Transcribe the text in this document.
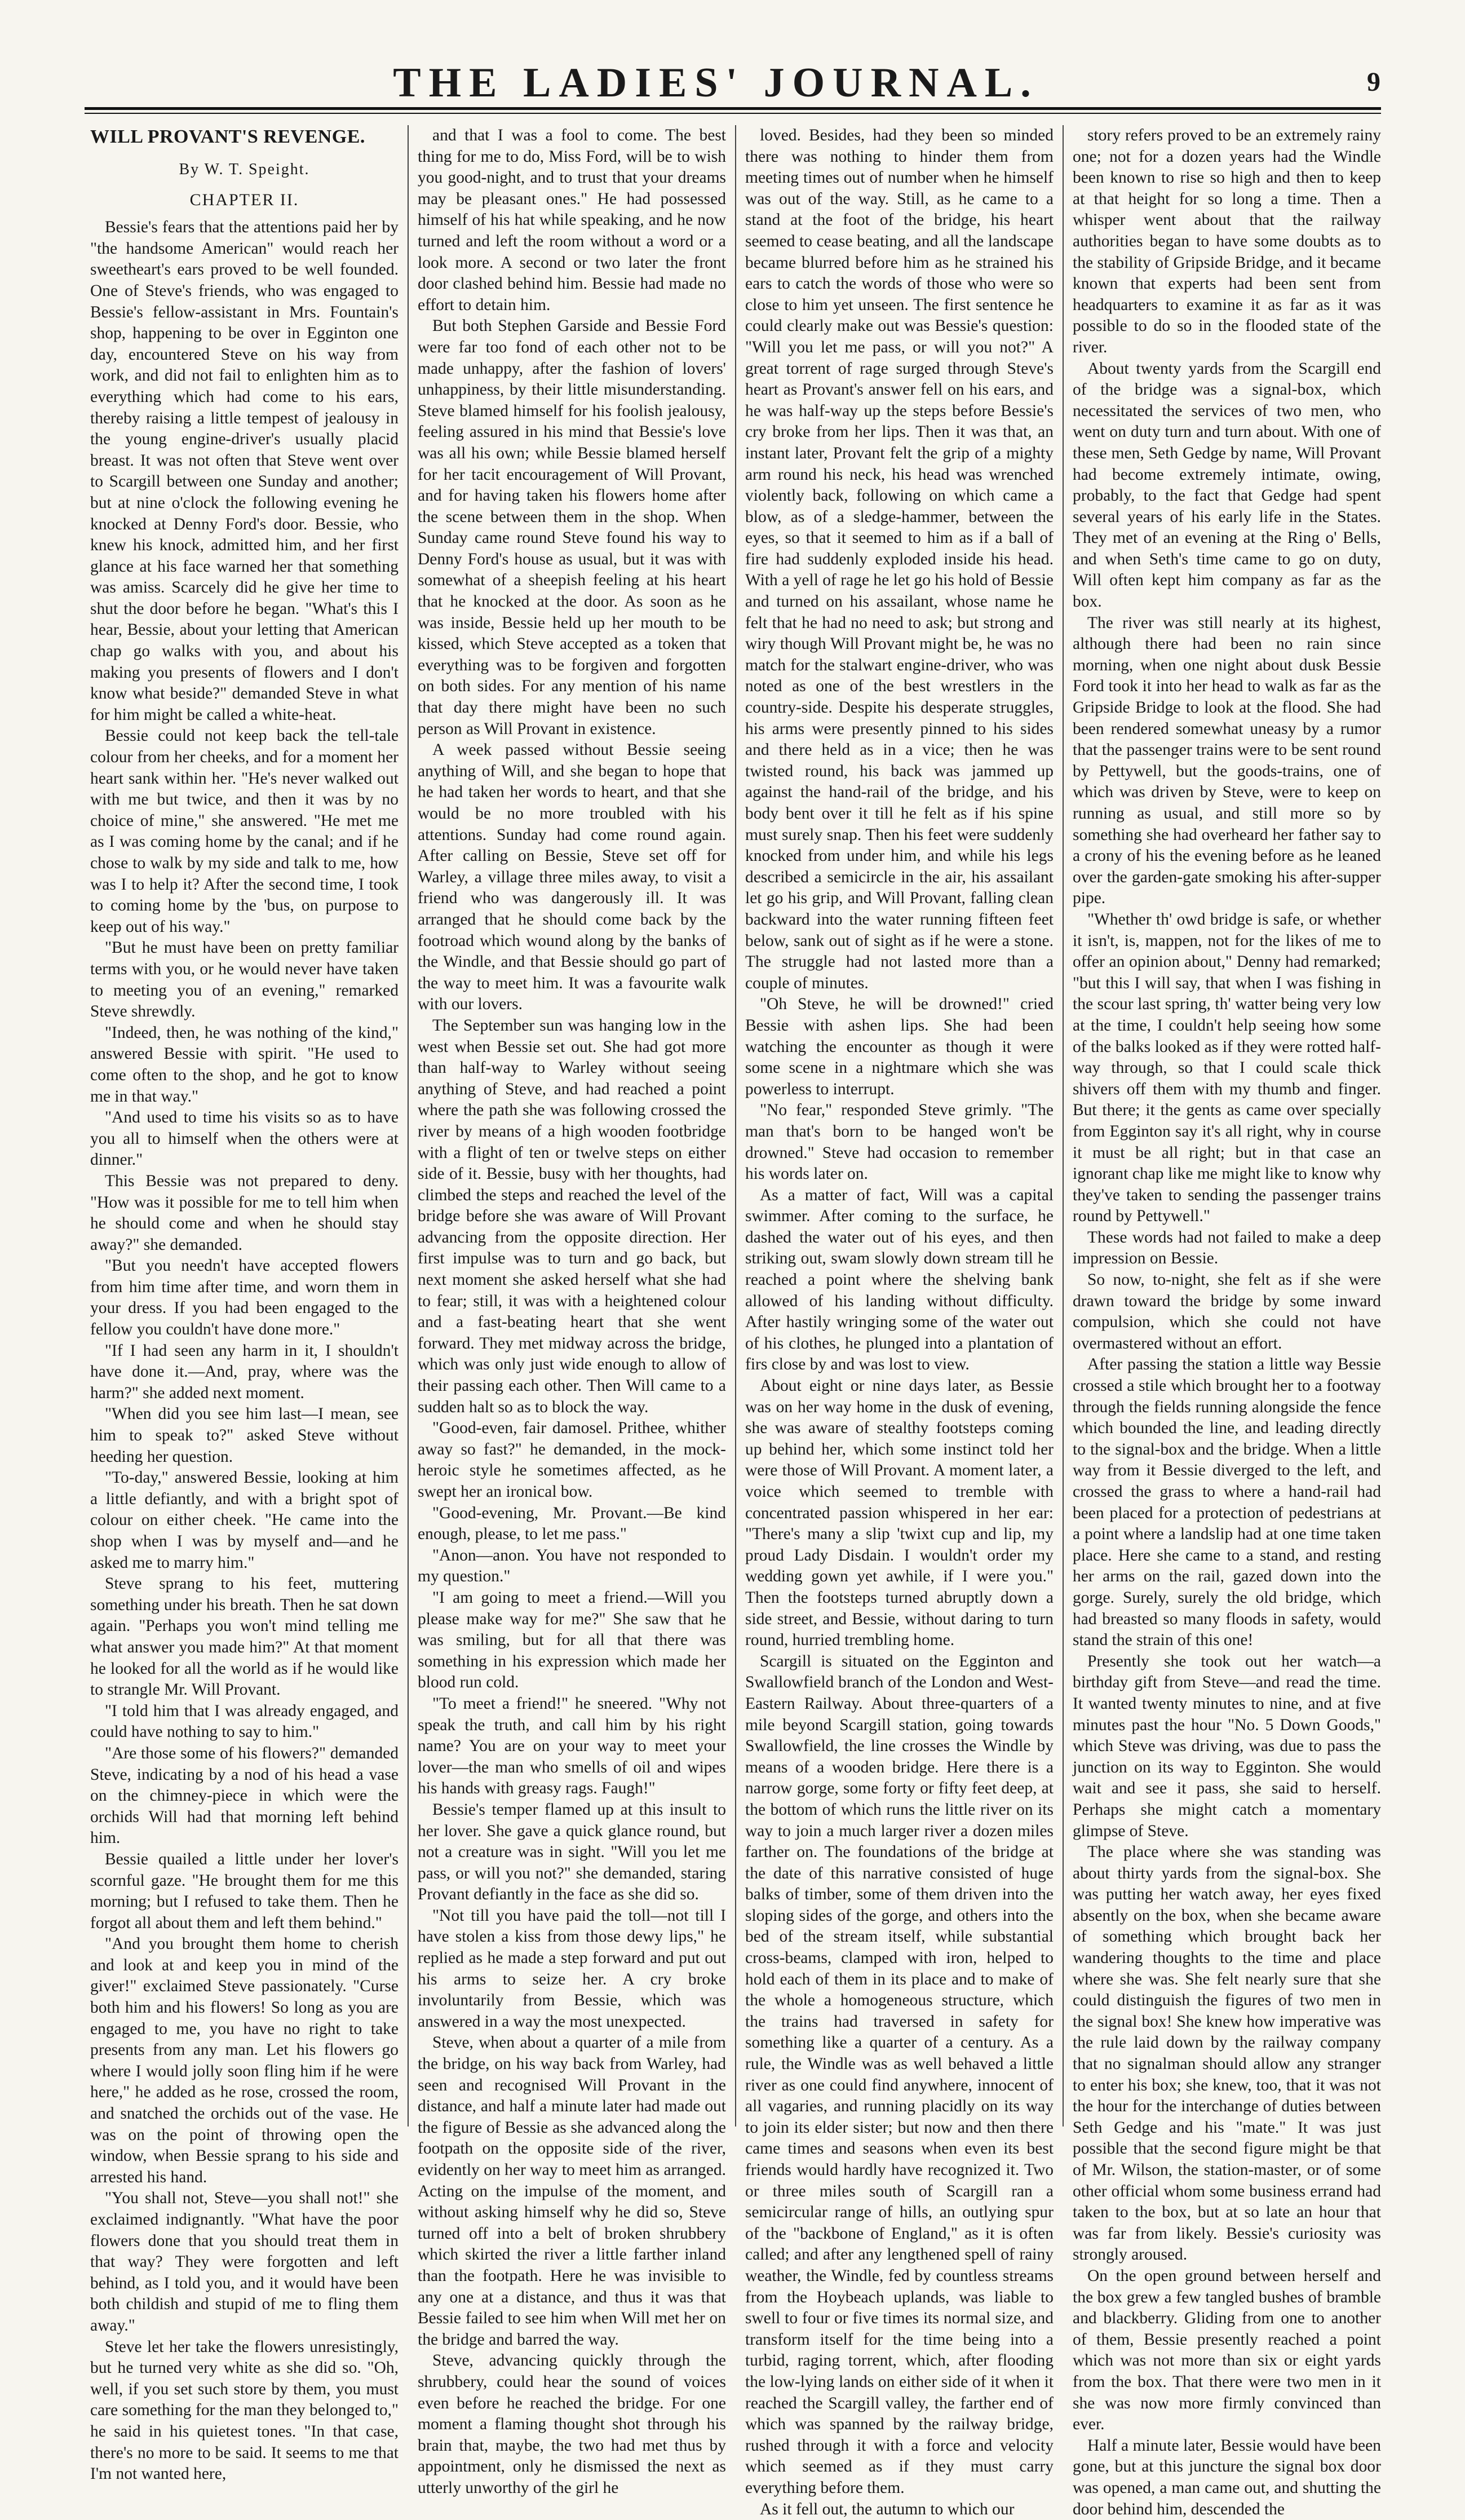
THE LADIES' JOURNAL.	9
WILL PROVANT'S REVENGE.
By W. T. Speight.
CHAPTER II.

Bessie's fears that the attentions paid her by "the handsome American" would reach her sweetheart's ears proved to be well founded. One of Steve's friends, who was engaged to Bessie's fellow-assistant in Mrs. Fountain's shop, happening to be over in Egginton one day, encountered Steve on his way from work, and did not fail to enlighten him as to everything which had come to his ears, thereby raising a little tempest of jealousy in the young engine-driver's usually placid breast. It was not often that Steve went over to Scargill between one Sunday and another; but at nine o'clock the following evening he knocked at Denny Ford's door. Bessie, who knew his knock, admitted him, and her first glance at his face warned her that something was amiss. Scarcely did he give her time to shut the door before he began. "What's this I hear, Bessie, about your letting that American chap go walks with you, and about his making you presents of flowers and I don't know what beside?" demanded Steve in what for him might be called a white-heat.

Bessie could not keep back the tell-tale colour from her cheeks, and for a moment her heart sank within her. "He's never walked out with me but twice, and then it was by no choice of mine," she answered. "He met me as I was coming home by the canal; and if he chose to walk by my side and talk to me, how was I to help it? After the second time, I took to coming home by the 'bus, on purpose to keep out of his way."

"But he must have been on pretty familiar terms with you, or he would never have taken to meeting you of an evening," remarked Steve shrewdly.

"Indeed, then, he was nothing of the kind," answered Bessie with spirit. "He used to come often to the shop, and he got to know me in that way."

"And used to time his visits so as to have you all to himself when the others were at dinner."

This Bessie was not prepared to deny. "How was it possible for me to tell him when he should come and when he should stay away?" she demanded.

"But you needn't have accepted flowers from him time after time, and worn them in your dress. If you had been engaged to the fellow you couldn't have done more."

"If I had seen any harm in it, I shouldn't have done it.—And, pray, where was the harm?" she added next moment.

"When did you see him last—I mean, see him to speak to?" asked Steve without heeding her question.

"To-day," answered Bessie, looking at him a little defiantly, and with a bright spot of colour on either cheek. "He came into the shop when I was by myself and—and he asked me to marry him."

Steve sprang to his feet, muttering something under his breath. Then he sat down again. "Perhaps you won't mind telling me what answer you made him?" At that moment he looked for all the world as if he would like to strangle Mr. Will Provant.

"I told him that I was already engaged, and could have nothing to say to him."

"Are those some of his flowers?" demanded Steve, indicating by a nod of his head a vase on the chimney-piece in which were the orchids Will had that morning left behind him.

Bessie quailed a little under her lover's scornful gaze. "He brought them for me this morning; but I refused to take them. Then he forgot all about them and left them behind."

"And you brought them home to cherish and look at and keep you in mind of the giver!" exclaimed Steve passionately. "Curse both him and his flowers! So long as you are engaged to me, you have no right to take presents from any man. Let his flowers go where I would jolly soon fling him if he were here," he added as he rose, crossed the room, and snatched the orchids out of the vase. He was on the point of throwing open the window, when Bessie sprang to his side and arrested his hand.

"You shall not, Steve—you shall not!" she exclaimed indignantly. "What have the poor flowers done that you should treat them in that way? They were forgotten and left behind, as I told you, and it would have been both childish and stupid of me to fling them away."

Steve let her take the flowers unresistingly, but he turned very white as she did so. "Oh, well, if you set such store by them, you must care something for the man they belonged to," he said in his quietest tones. "In that case, there's no more to be said. It seems to me that I'm not wanted here,

and that I was a fool to come. The best thing for me to do, Miss Ford, will be to wish you good-night, and to trust that your dreams may be pleasant ones." He had possessed himself of his hat while speaking, and he now turned and left the room without a word or a look more. A second or two later the front door clashed behind him. Bessie had made no effort to detain him.

But both Stephen Garside and Bessie Ford were far too fond of each other not to be made unhappy, after the fashion of lovers' unhappiness, by their little misunderstanding. Steve blamed himself for his foolish jealousy, feeling assured in his mind that Bessie's love was all his own; while Bessie blamed herself for her tacit encouragement of Will Provant, and for having taken his flowers home after the scene between them in the shop. When Sunday came round Steve found his way to Denny Ford's house as usual, but it was with somewhat of a sheepish feeling at his heart that he knocked at the door. As soon as he was inside, Bessie held up her mouth to be kissed, which Steve accepted as a token that everything was to be forgiven and forgotten on both sides. For any mention of his name that day there might have been no such person as Will Provant in existence.

A week passed without Bessie seeing anything of Will, and she began to hope that he had taken her words to heart, and that she would be no more troubled with his attentions. Sunday had come round again. After calling on Bessie, Steve set off for Warley, a village three miles away, to visit a friend who was dangerously ill. It was arranged that he should come back by the footroad which wound along by the banks of the Windle, and that Bessie should go part of the way to meet him. It was a favourite walk with our lovers.

The September sun was hanging low in the west when Bessie set out. She had got more than half-way to Warley without seeing anything of Steve, and had reached a point where the path she was following crossed the river by means of a high wooden footbridge with a flight of ten or twelve steps on either side of it. Bessie, busy with her thoughts, had climbed the steps and reached the level of the bridge before she was aware of Will Provant advancing from the opposite direction. Her first impulse was to turn and go back, but next moment she asked herself what she had to fear; still, it was with a heightened colour and a fast-beating heart that she went forward. They met midway across the bridge, which was only just wide enough to allow of their passing each other. Then Will came to a sudden halt so as to block the way.

"Good-even, fair damosel. Prithee, whither away so fast?" he demanded, in the mock-heroic style he sometimes affected, as he swept her an ironical bow.

"Good-evening, Mr. Provant.—Be kind enough, please, to let me pass."

"Anon—anon. You have not responded to my question."

"I am going to meet a friend.—Will you please make way for me?" She saw that he was smiling, but for all that there was something in his expression which made her blood run cold.

"To meet a friend!" he sneered. "Why not speak the truth, and call him by his right name? You are on your way to meet your lover—the man who smells of oil and wipes his hands with greasy rags. Faugh!"

Bessie's temper flamed up at this insult to her lover. She gave a quick glance round, but not a creature was in sight. "Will you let me pass, or will you not?" she demanded, staring Provant defiantly in the face as she did so.

"Not till you have paid the toll—not till I have stolen a kiss from those dewy lips," he replied as he made a step forward and put out his arms to seize her. A cry broke involuntarily from Bessie, which was answered in a way the most unexpected.

Steve, when about a quarter of a mile from the bridge, on his way back from Warley, had seen and recognised Will Provant in the distance, and half a minute later had made out the figure of Bessie as she advanced along the footpath on the opposite side of the river, evidently on her way to meet him as arranged. Acting on the impulse of the moment, and without asking himself why he did so, Steve turned off into a belt of broken shrubbery which skirted the river a little farther inland than the footpath. Here he was invisible to any one at a distance, and thus it was that Bessie failed to see him when Will met her on the bridge and barred the way.

Steve, advancing quickly through the shrubbery, could hear the sound of voices even before he reached the bridge. For one moment a flaming thought shot through his brain that, maybe, the two had met thus by appointment, only he dismissed the next as utterly unworthy of the girl he

loved. Besides, had they been so minded there was nothing to hinder them from meeting times out of number when he himself was out of the way. Still, as he came to a stand at the foot of the bridge, his heart seemed to cease beating, and all the landscape became blurred before him as he strained his ears to catch the words of those who were so close to him yet unseen. The first sentence he could clearly make out was Bessie's question: "Will you let me pass, or will you not?" A great torrent of rage surged through Steve's heart as Provant's answer fell on his ears, and he was half-way up the steps before Bessie's cry broke from her lips. Then it was that, an instant later, Provant felt the grip of a mighty arm round his neck, his head was wrenched violently back, following on which came a blow, as of a sledge-hammer, between the eyes, so that it seemed to him as if a ball of fire had suddenly exploded inside his head. With a yell of rage he let go his hold of Bessie and turned on his assailant, whose name he felt that he had no need to ask; but strong and wiry though Will Provant might be, he was no match for the stalwart engine-driver, who was noted as one of the best wrestlers in the country-side. Despite his desperate struggles, his arms were presently pinned to his sides and there held as in a vice; then he was twisted round, his back was jammed up against the hand-rail of the bridge, and his body bent over it till he felt as if his spine must surely snap. Then his feet were suddenly knocked from under him, and while his legs described a semicircle in the air, his assailant let go his grip, and Will Provant, falling clean backward into the water running fifteen feet below, sank out of sight as if he were a stone. The struggle had not lasted more than a couple of minutes.

"Oh Steve, he will be drowned!" cried Bessie with ashen lips. She had been watching the encounter as though it were some scene in a nightmare which she was powerless to interrupt.

"No fear," responded Steve grimly. "The man that's born to be hanged won't be drowned." Steve had occasion to remember his words later on.

As a matter of fact, Will was a capital swimmer. After coming to the surface, he dashed the water out of his eyes, and then striking out, swam slowly down stream till he reached a point where the shelving bank allowed of his landing without difficulty. After hastily wringing some of the water out of his clothes, he plunged into a plantation of firs close by and was lost to view.

About eight or nine days later, as Bessie was on her way home in the dusk of evening, she was aware of stealthy footsteps coming up behind her, which some instinct told her were those of Will Provant. A moment later, a voice which seemed to tremble with concentrated passion whispered in her ear: "There's many a slip 'twixt cup and lip, my proud Lady Disdain. I wouldn't order my wedding gown yet awhile, if I were you." Then the footsteps turned abruptly down a side street, and Bessie, without daring to turn round, hurried trembling home.

Scargill is situated on the Egginton and Swallowfield branch of the London and West-Eastern Railway. About three-quarters of a mile beyond Scargill station, going towards Swallowfield, the line crosses the Windle by means of a wooden bridge. Here there is a narrow gorge, some forty or fifty feet deep, at the bottom of which runs the little river on its way to join a much larger river a dozen miles farther on. The foundations of the bridge at the date of this narrative consisted of huge balks of timber, some of them driven into the sloping sides of the gorge, and others into the bed of the stream itself, while substantial cross-beams, clamped with iron, helped to hold each of them in its place and to make of the whole a homogeneous structure, which the trains had traversed in safety for something like a quarter of a century. As a rule, the Windle was as well behaved a little river as one could find anywhere, innocent of all vagaries, and running placidly on its way to join its elder sister; but now and then there came times and seasons when even its best friends would hardly have recognized it. Two or three miles south of Scargill ran a semicircular range of hills, an outlying spur of the "backbone of England," as it is often called; and after any lengthened spell of rainy weather, the Windle, fed by countless streams from the Hoybeach uplands, was liable to swell to four or five times its normal size, and transform itself for the time being into a turbid, raging torrent, which, after flooding the low-lying lands on either side of it when it reached the Scargill valley, the farther end of which was spanned by the railway bridge, rushed through it with a force and velocity which seemed as if they must carry everything before them.

As it fell out, the autumn to which our

story refers proved to be an extremely rainy one; not for a dozen years had the Windle been known to rise so high and then to keep at that height for so long a time. Then a whisper went about that the railway authorities began to have some doubts as to the stability of Gripside Bridge, and it became known that experts had been sent from headquarters to examine it as far as it was possible to do so in the flooded state of the river.

About twenty yards from the Scargill end of the bridge was a signal-box, which necessitated the services of two men, who went on duty turn and turn about. With one of these men, Seth Gedge by name, Will Provant had become extremely intimate, owing, probably, to the fact that Gedge had spent several years of his early life in the States. They met of an evening at the Ring o' Bells, and when Seth's time came to go on duty, Will often kept him company as far as the box.

The river was still nearly at its highest, although there had been no rain since morning, when one night about dusk Bessie Ford took it into her head to walk as far as the Gripside Bridge to look at the flood. She had been rendered somewhat uneasy by a rumor that the passenger trains were to be sent round by Pettywell, but the goods-trains, one of which was driven by Steve, were to keep on running as usual, and still more so by something she had overheard her father say to a crony of his the evening before as he leaned over the garden-gate smoking his after-supper pipe.

"Whether th' owd bridge is safe, or whether it isn't, is, mappen, not for the likes of me to offer an opinion about," Denny had remarked; "but this I will say, that when I was fishing in the scour last spring, th' watter being very low at the time, I couldn't help seeing how some of the balks looked as if they were rotted half-way through, so that I could scale thick shivers off them with my thumb and finger. But there; it the gents as came over specially from Egginton say it's all right, why in course it must be all right; but in that case an ignorant chap like me might like to know why they've taken to sending the passenger trains round by Pettywell."

These words had not failed to make a deep impression on Bessie.

So now, to-night, she felt as if she were drawn toward the bridge by some inward compulsion, which she could not have overmastered without an effort.

After passing the station a little way Bessie crossed a stile which brought her to a footway through the fields running alongside the fence which bounded the line, and leading directly to the signal-box and the bridge. When a little way from it Bessie diverged to the left, and crossed the grass to where a hand-rail had been placed for a protection of pedestrians at a point where a landslip had at one time taken place. Here she came to a stand, and resting her arms on the rail, gazed down into the gorge. Surely, surely the old bridge, which had breasted so many floods in safety, would stand the strain of this one!

Presently she took out her watch—a birthday gift from Steve—and read the time. It wanted twenty minutes to nine, and at five minutes past the hour "No. 5 Down Goods," which Steve was driving, was due to pass the junction on its way to Egginton. She would wait and see it pass, she said to herself. Perhaps she might catch a momentary glimpse of Steve.

The place where she was standing was about thirty yards from the signal-box. She was putting her watch away, her eyes fixed absently on the box, when she became aware of something which brought back her wandering thoughts to the time and place where she was. She felt nearly sure that she could distinguish the figures of two men in the signal box! She knew how imperative was the rule laid down by the railway company that no signalman should allow any stranger to enter his box; she knew, too, that it was not the hour for the interchange of duties between Seth Gedge and his "mate." It was just possible that the second figure might be that of Mr. Wilson, the station-master, or of some other official whom some business errand had taken to the box, but at so late an hour that was far from likely. Bessie's curiosity was strongly aroused.

On the open ground between herself and the box grew a few tangled bushes of bramble and blackberry. Gliding from one to another of them, Bessie presently reached a point which was not more than six or eight yards from the box. That there were two men in it she was now more firmly convinced than ever.

Half a minute later, Bessie would have been gone, but at this juncture the signal box door was opened, a man came out, and shutting the door behind him, descended the
